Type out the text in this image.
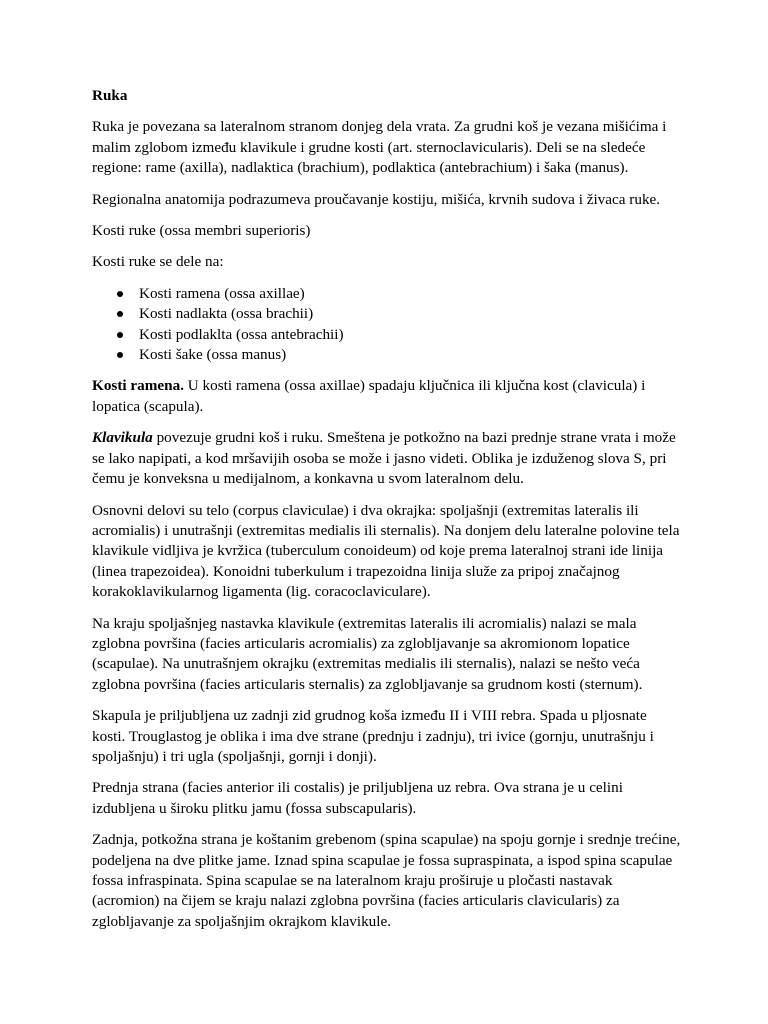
Ruka

Ruka je povezana sa lateralnom stranom donjeg dela vrata. Za grudni koš je vezana mišićima i malim zglobom između klavikule i grudne kosti (art. sternoclavicularis). Deli se na sledeće regione: rame (axilla), nadlaktica (brachium), podlaktica (antebrachium) i šaka (manus).

Regionalna anatomija podrazumeva proučavanje kostiju, mišića, krvnih sudova i živaca ruke.

Kosti ruke (ossa membri superioris)

Kosti ruke se dele na:

Kosti ramena (ossa axillae)
Kosti nadlakta (ossa brachii)
Kosti podlaklta (ossa antebrachii)
Kosti šake (ossa manus)

Kosti ramena. U kosti ramena (ossa axillae) spadaju ključnica ili ključna kost (clavicula) i lopatica (scapula).

Klavikula povezuje grudni koš i ruku. Smeštena je potkožno na bazi prednje strane vrata i može se lako napipati, a kod mršavijih osoba se može i jasno videti. Oblika je izduženog slova S, pri čemu je konveksna u medijalnom, a konkavna u svom lateralnom delu.

Osnovni delovi su telo (corpus claviculae) i dva okrajka: spoljašnji (extremitas lateralis ili acromialis) i unutrašnji (extremitas medialis ili sternalis). Na donjem delu lateralne polovine tela klavikule vidljiva je kvržica (tuberculum conoideum) od koje prema lateralnoj strani ide linija (linea trapezoidea). Konoidni tuberkulum i trapezoidna linija služe za pripoj značajnog korakoklavikularnog ligamenta (lig. coracoclaviculare).

Na kraju spoljašnjeg nastavka klavikule (extremitas lateralis ili acromialis) nalazi se mala zglobna površina (facies articularis acromialis) za zglobljavanje sa akromionom lopatice (scapulae). Na unutrašnjem okrajku (extremitas medialis ili sternalis), nalazi se nešto veća zglobna površina (facies articularis sternalis) za zglobljavanje sa grudnom kosti (sternum).

Skapula je priljubljena uz zadnji zid grudnog koša između II i VIII rebra. Spada u pljosnate kosti. Trouglastog je oblika i ima dve strane (prednju i zadnju), tri ivice (gornju, unutrašnju i spoljašnju) i tri ugla (spoljašnji, gornji i donji).

Prednja strana (facies anterior ili costalis) je priljubljena uz rebra. Ova strana je u celini izdubljena u široku plitku jamu (fossa subscapularis).

Zadnja, potkožna strana je koštanim grebenom (spina scapulae) na spoju gornje i srednje trećine, podeljena na dve plitke jame. Iznad spina scapulae je fossa supraspinata, a ispod spina scapulae fossa infraspinata. Spina scapulae se na lateralnom kraju proširuje u pločasti nastavak (acromion) na čijem se kraju nalazi zglobna površina (facies articularis clavicularis) za zglobljavanje za spoljašnjim okrajkom klavikule.
